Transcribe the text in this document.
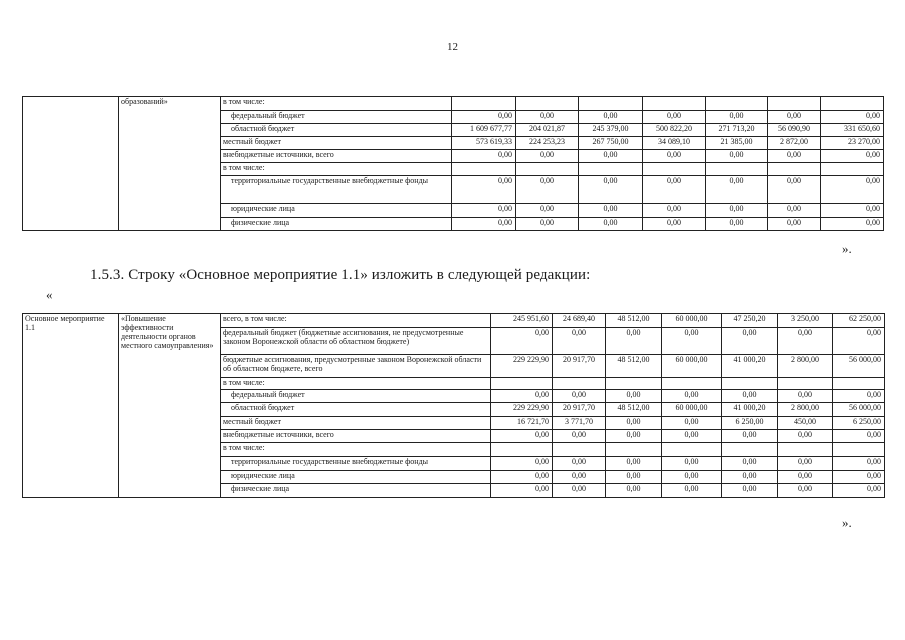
12
	образований»	в том числе:							
		федеральный бюджет	0,00	0,00	0,00	0,00	0,00	0,00	0,00
		областной бюджет	1 609 677,77	204 021,87	245 379,00	500 822,20	271 713,20	56 090,90	331 650,60
		местный бюджет	573 619,33	224 253,23	267 750,00	34 089,10	21 385,00	2 872,00	23 270,00
		внебюджетные источники, всего	0,00	0,00	0,00	0,00	0,00	0,00	0,00
		в том числе:							
		территориальные государственные внебюджетные фонды	0,00	0,00	0,00	0,00	0,00	0,00	0,00
		юридические лица	0,00	0,00	0,00	0,00	0,00	0,00	0,00
		физические лица	0,00	0,00	0,00	0,00	0,00	0,00	0,00
».
1.5.3. Строку «Основное мероприятие 1.1» изложить в следующей редакции:
«
Основное мероприятие 1.1	«Повышение эффективности деятельности органов местного самоуправления»	всего, в том числе:	245 951,60	24 689,40	48 512,00	60 000,00	47 250,20	3 250,00	62 250,00
		федеральный бюджет (бюджетные ассигнования, не предусмотренные законом Воронежской области об областном бюджете)	0,00	0,00	0,00	0,00	0,00	0,00	0,00
		бюджетные ассигнования, предусмотренные законом Воронежской области об областном бюджете, всего	229 229,90	20 917,70	48 512,00	60 000,00	41 000,20	2 800,00	56 000,00
		в том числе:							
		федеральный бюджет	0,00	0,00	0,00	0,00	0,00	0,00	0,00
		областной бюджет	229 229,90	20 917,70	48 512,00	60 000,00	41 000,20	2 800,00	56 000,00
		местный бюджет	16 721,70	3 771,70	0,00	0,00	6 250,00	450,00	6 250,00
		внебюджетные источники, всего	0,00	0,00	0,00	0,00	0,00	0,00	0,00
		в том числе:							
		территориальные государственные внебюджетные фонды	0,00	0,00	0,00	0,00	0,00	0,00	0,00
		юридические лица	0,00	0,00	0,00	0,00	0,00	0,00	0,00
		физические лица	0,00	0,00	0,00	0,00	0,00	0,00	0,00
».
